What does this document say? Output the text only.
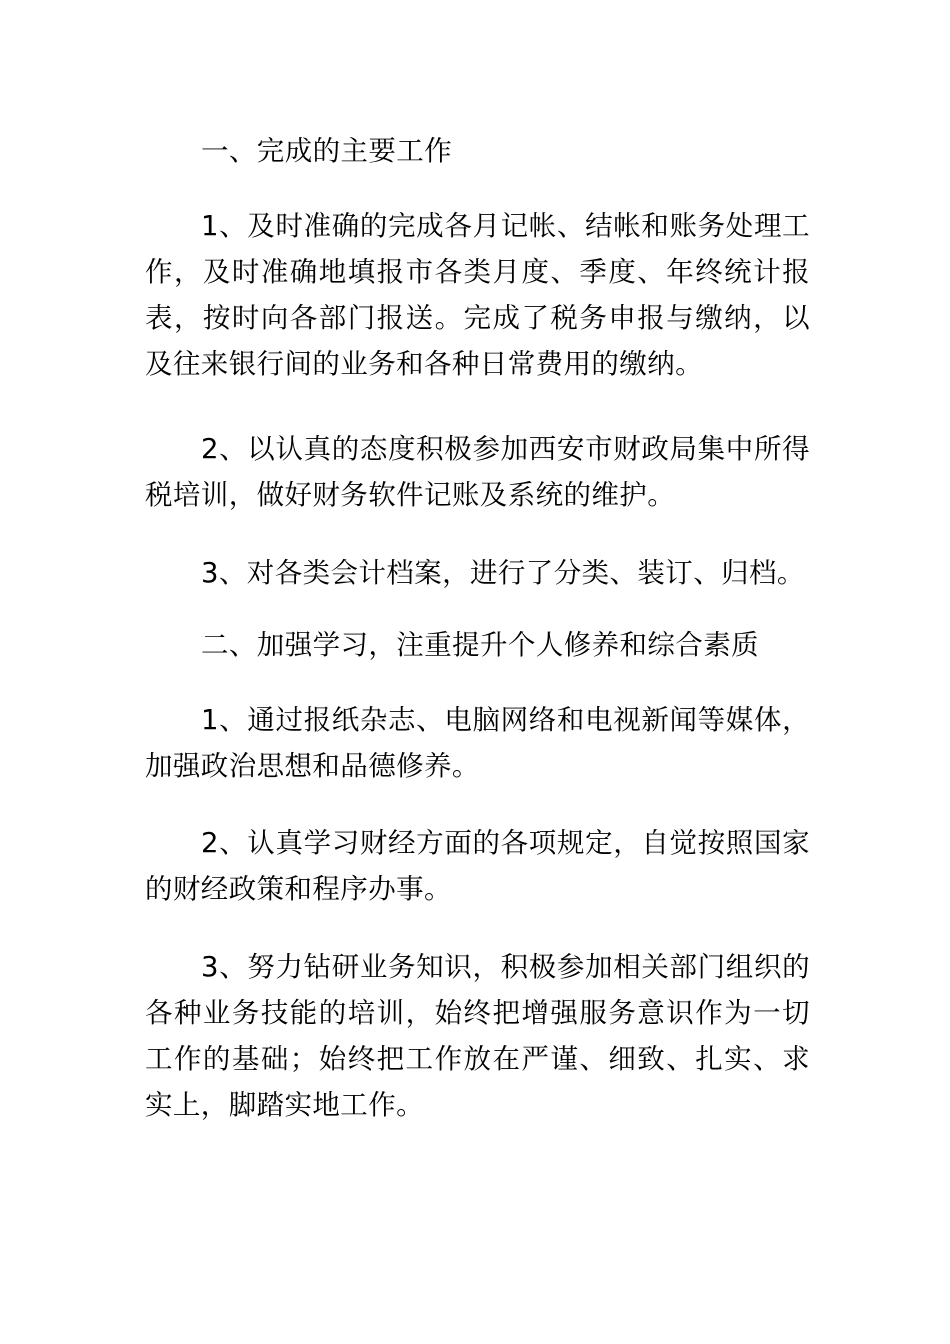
一、完成的主要工作

1、及时准确的完成各月记帐、结帐和账务处理工作，及时准确地填报市各类月度、季度、年终统计报表，按时向各部门报送。完成了税务申报与缴纳，以及往来银行间的业务和各种日常费用的缴纳。

2、以认真的态度积极参加西安市财政局集中所得税培训，做好财务软件记账及系统的维护。

3、对各类会计档案，进行了分类、装订、归档。

二、加强学习，注重提升个人修养和综合素质

1、通过报纸杂志、电脑网络和电视新闻等媒体，加强政治思想和品德修养。

2、认真学习财经方面的各项规定，自觉按照国家的财经政策和程序办事。

3、努力钻研业务知识，积极参加相关部门组织的各种业务技能的培训，始终把增强服务意识作为一切工作的基础；始终把工作放在严谨、细致、扎实、求实上，脚踏实地工作。
